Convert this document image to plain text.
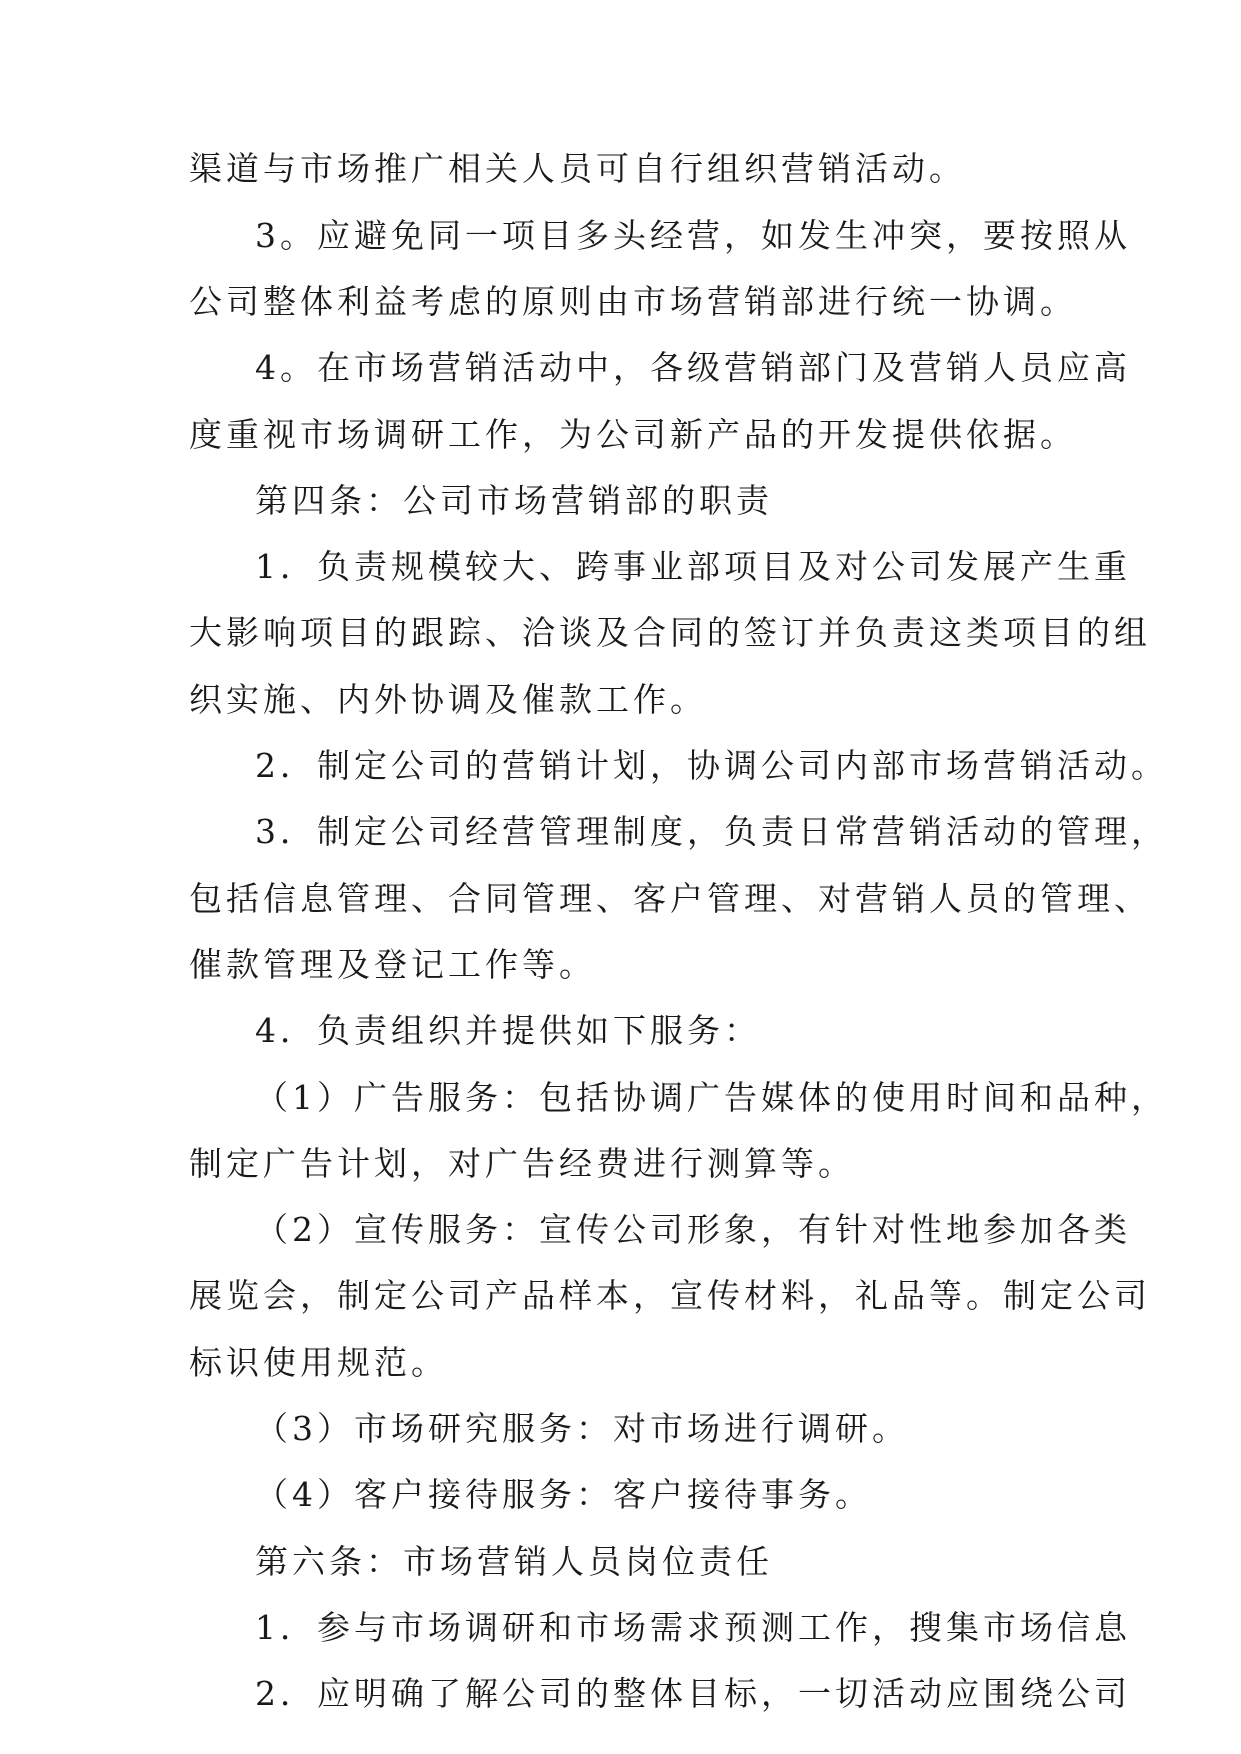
渠道与市场推广相关人员可自行组织营销活动。
3。应避免同一项目多头经营，如发生冲突，要按照从
公司整体利益考虑的原则由市场营销部进行统一协调。
4。在市场营销活动中，各级营销部门及营销人员应高
度重视市场调研工作，为公司新产品的开发提供依据。
第四条：公司市场营销部的职责
1．负责规模较大、跨事业部项目及对公司发展产生重
大影响项目的跟踪、洽谈及合同的签订并负责这类项目的组
织实施、内外协调及催款工作。
2．制定公司的营销计划，协调公司内部市场营销活动。
3．制定公司经营管理制度，负责日常营销活动的管理，
包括信息管理、合同管理、客户管理、对营销人员的管理、
催款管理及登记工作等。
4．负责组织并提供如下服务：
（1）广告服务：包括协调广告媒体的使用时间和品种，
制定广告计划，对广告经费进行测算等。
（2）宣传服务：宣传公司形象，有针对性地参加各类
展览会，制定公司产品样本，宣传材料，礼品等。制定公司
标识使用规范。
（3）市场研究服务：对市场进行调研。
（4）客户接待服务：客户接待事务。
第六条：市场营销人员岗位责任
1．参与市场调研和市场需求预测工作，搜集市场信息
2．应明确了解公司的整体目标，一切活动应围绕公司
